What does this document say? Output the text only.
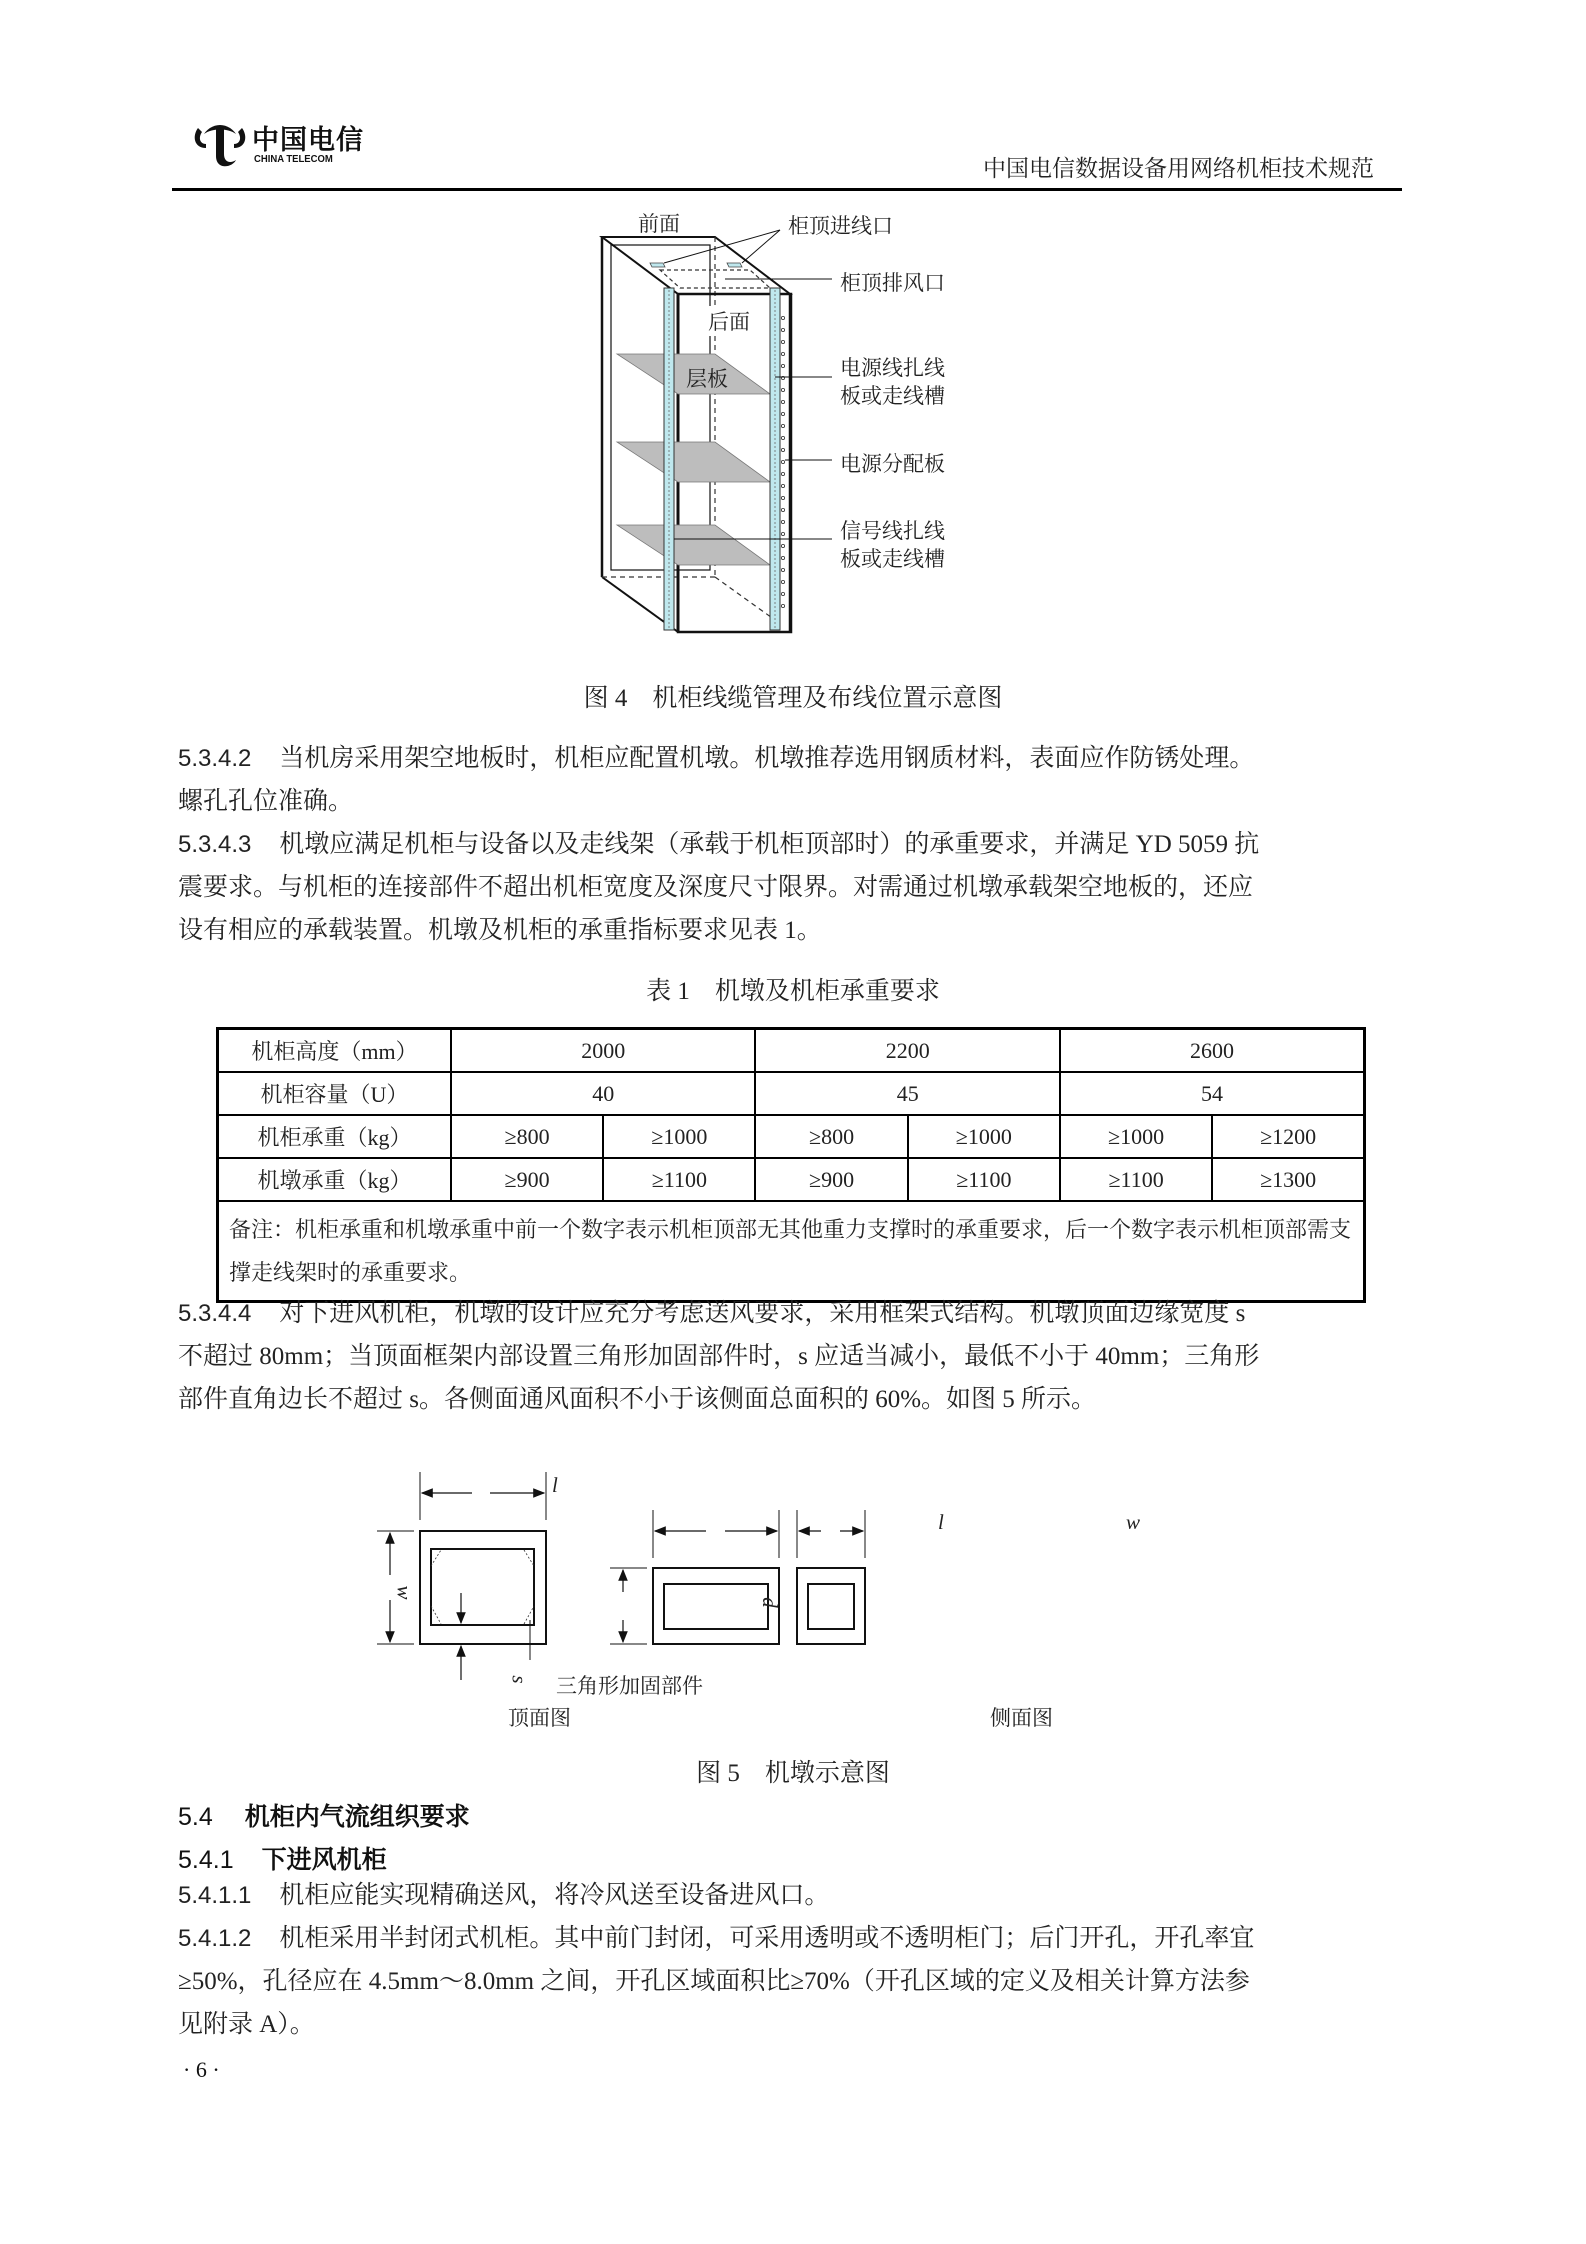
中国电信
CHINA TELECOM	中国电信数据设备用网络机柜技术规范
前面
后面
层板
柜顶进线口
柜顶排风口
电源线扎线
板或走线槽
电源分配板
信号线扎线
板或走线槽
图 4　机柜线缆管理及布线位置示意图
5.3.4.2 当机房采用架空地板时，机柜应配置机墩。机墩推荐选用钢质材料，表面应作防锈处理。
螺孔孔位准确。
5.3.4.3 机墩应满足机柜与设备以及走线架（承载于机柜顶部时）的承重要求，并满足 YD 5059 抗
震要求。与机柜的连接部件不超出机柜宽度及深度尺寸限界。对需通过机墩承载架空地板的，还应
设有相应的承载装置。机墩及机柜的承重指标要求见表 1。
表 1　机墩及机柜承重要求
机柜高度（mm）	2000		2200		2600	
机柜容量（U）	40		45		54	
机柜承重（kg）	≥800	≥1000	≥800	≥1000	≥1000	≥1200
机墩承重（kg）	≥900	≥1100	≥900	≥1100	≥1100	≥1300
备注：机柜承重和机墩承重中前一个数字表示机柜顶部无其他重力支撑时的承重要求，后一个数字表示机柜顶部需支撑走线架时的承重要求。						
5.3.4.4 对下进风机柜，机墩的设计应充分考虑送风要求，采用框架式结构。机墩顶面边缘宽度 s
不超过 80mm；当顶面框架内部设置三角形加固部件时，s 应适当减小，最低不小于 40mm；三角形
部件直角边长不超过 s。各侧面通风面积不小于该侧面总面积的 60%。如图 5 所示。
l
w
s 三角形加固部件
顶面图
l	w
d
侧面图
图 5　机墩示意图
5.4 机柜内气流组织要求
5.4.1 下进风机柜
5.4.1.1 机柜应能实现精确送风，将冷风送至设备进风口。
5.4.1.2 机柜采用半封闭式机柜。其中前门封闭，可采用透明或不透明柜门；后门开孔，开孔率宜
≥50%，孔径应在 4.5mm～8.0mm 之间，开孔区域面积比≥70%（开孔区域的定义及相关计算方法参
见附录 A）。
· 6 ·
